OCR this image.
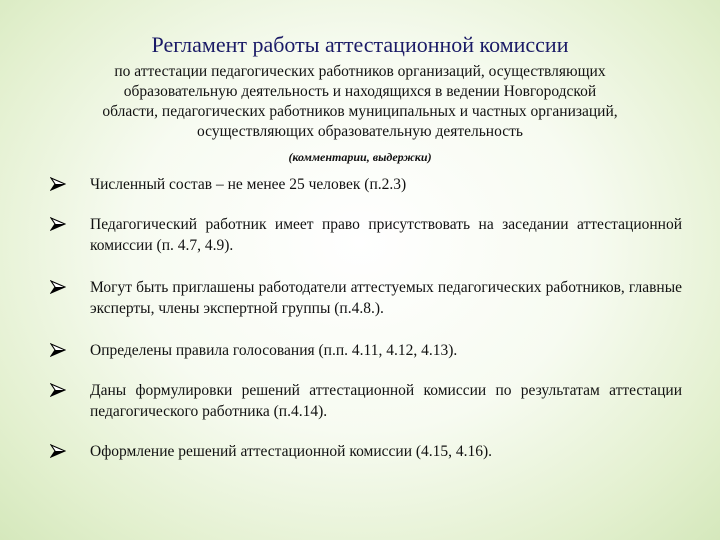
Регламент работы аттестационной комиссии
по аттестации педагогических работников организаций, осуществляющих
образовательную деятельность и находящихся в ведении Новгородской
области, педагогических работников муниципальных и частных организаций,
осуществляющих образовательную деятельность
(комментарии, выдержки)
Численный состав – не менее 25 человек (п.2.3)
Педагогический работник имеет право присутствовать на заседании аттестационной комиссии (п. 4.7, 4.9).
Могут быть приглашены работодатели аттестуемых педагогических работников, главные эксперты, члены экспертной группы (п.4.8.).
Определены правила голосования (п.п. 4.11, 4.12, 4.13).
Даны формулировки решений аттестационной комиссии по результатам аттестации педагогического работника (п.4.14).
Оформление решений аттестационной комиссии (4.15, 4.16).
